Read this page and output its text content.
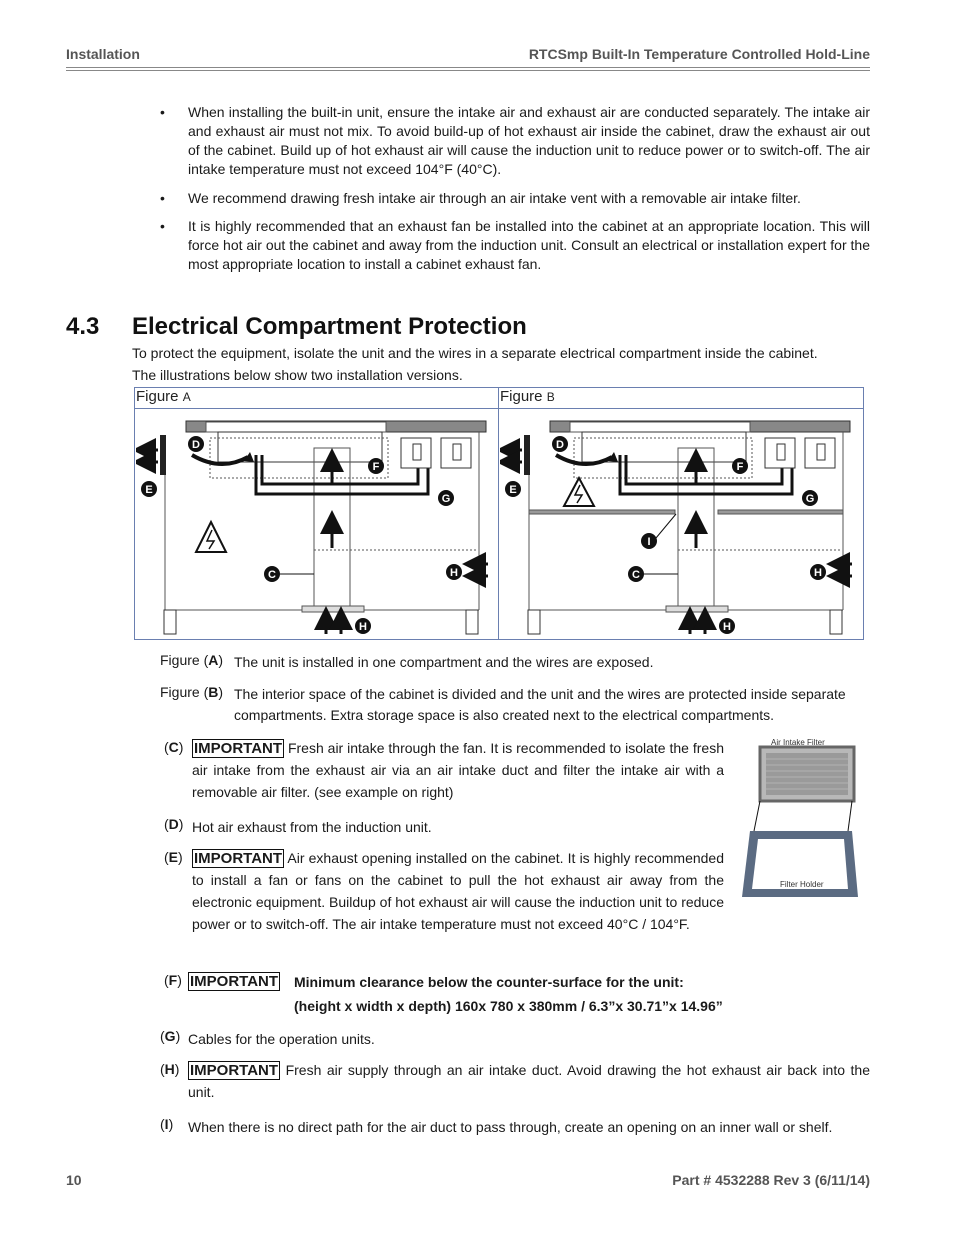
Installation	RTCSmp Built-In Temperature Controlled Hold-Line
• When installing the built-in unit, ensure the intake air and exhaust air are conducted separately. The intake air and exhaust air must not mix. To avoid build-up of hot exhaust air inside the cabinet, draw the exhaust air out of the cabinet. Build up of hot exhaust air will cause the induction unit to reduce power or to switch-off. The air intake temperature must not exceed 104°F (40°C).
• We recommend drawing fresh intake air through an air intake vent with a removable air intake filter.
• It is highly recommended that an exhaust fan be installed into the cabinet at an appropriate location. This will force hot air out the cabinet and away from the induction unit. Consult an electrical or installation expert for the most appropriate location to install a cabinet exhaust fan.
4.3 Electrical Compartment Protection
To protect the equipment, isolate the unit and the wires in a separate electrical compartment inside the cabinet.
The illustrations below show two installation versions.
Figure A	Figure B
D
E
F
G
C	H
H
D
E
F
G
I
C	H
H
Figure (A) The unit is installed in one compartment and the wires are exposed.
Figure (B) The interior space of the cabinet is divided and the unit and the wires are protected inside separate compartments. Extra storage space is also created next to the electrical compartments.
(C) IMPORTANT Fresh air intake through the fan. It is recommended to isolate the fresh air intake from the exhaust air via an air intake duct and filter the intake air with a removable air filter. (see example on right)
Air Intake Filter
Filter Holder
(D) Hot air exhaust from the induction unit.
(E) IMPORTANT Air exhaust opening installed on the cabinet. It is highly recommended to install a fan or fans on the cabinet to pull the hot exhaust air away from the electronic equipment. Buildup of hot exhaust air will cause the induction unit to reduce power or to switch-off. The air intake temperature must not exceed 40°C / 104°F.
(F) IMPORTANT Minimum clearance below the counter-surface for the unit:
(height x width x depth) 160x 780 x 380mm / 6.3”x 30.71”x 14.96”
(G) Cables for the operation units.
(H) IMPORTANT Fresh air supply through an air intake duct. Avoid drawing the hot exhaust air back into the unit.
(I) When there is no direct path for the air duct to pass through, create an opening on an inner wall or shelf.
10	Part # 4532288 Rev 3 (6/11/14)
